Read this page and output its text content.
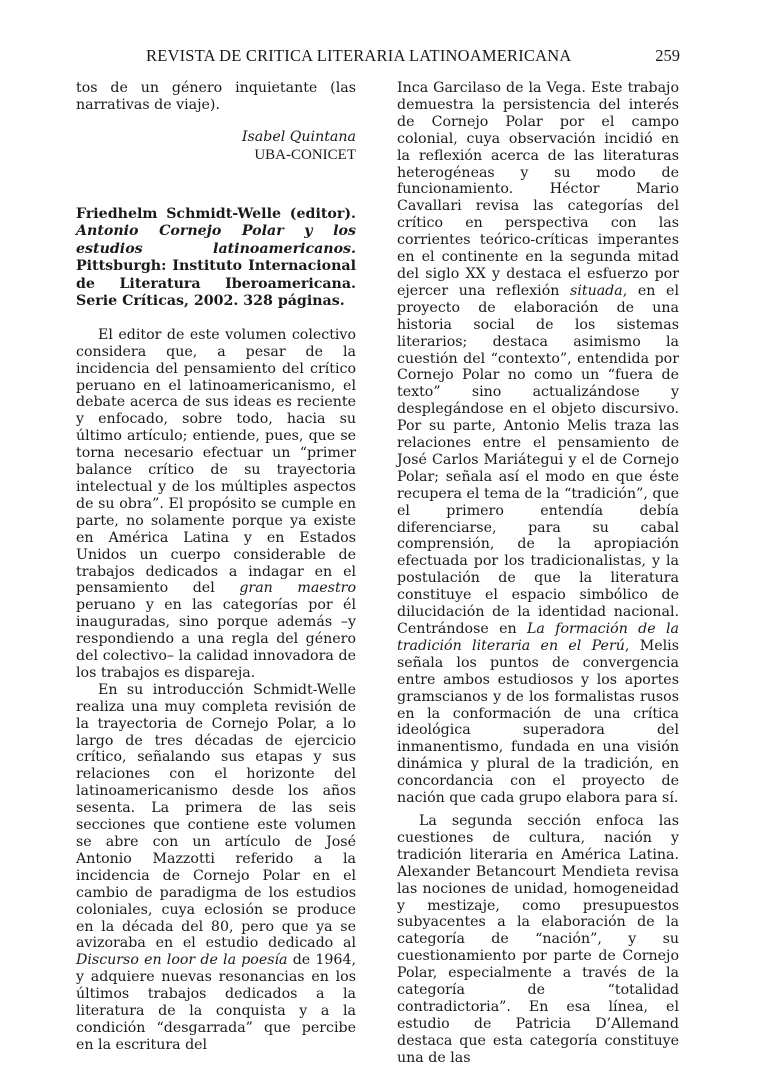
REVISTA DE CRITICA LITERARIA LATINOAMERICANA	259

tos de un género inquietante (las narrativas de viaje).

Isabel Quintana
UBA-CONICET
Friedhelm Schmidt-Welle (editor). Antonio Cornejo Polar y los estudios latinoamericanos. Pittsburgh: Instituto Internacional de Literatura Iberoamericana. Serie Críticas, 2002. 328 páginas.

El editor de este volumen colectivo considera que, a pesar de la incidencia del pensamiento del crítico peruano en el latinoamericanismo, el debate acerca de sus ideas es reciente y enfocado, sobre todo, hacia su último artículo; entiende, pues, que se torna necesario efectuar un “primer balance crítico de su trayectoria intelectual y de los múltiples aspectos de su obra”. El propósito se cumple en parte, no solamente porque ya existe en América Latina y en Estados Unidos un cuerpo considerable de trabajos dedicados a indagar en el pensamiento del gran maestro peruano y en las categorías por él inauguradas, sino porque además –y respondiendo a una regla del género del colectivo– la calidad innovadora de los trabajos es dispareja.

En su introducción Schmidt-Welle realiza una muy completa revisión de la trayectoria de Cornejo Polar, a lo largo de tres décadas de ejercicio crítico, señalando sus etapas y sus relaciones con el horizonte del latinoamericanismo desde los años sesenta. La primera de las seis secciones que contiene este volumen se abre con un artículo de José Antonio Mazzotti referido a la incidencia de Cornejo Polar en el cambio de paradigma de los estudios coloniales, cuya eclosión se produce en la década del 80, pero que ya se avizoraba en el estudio dedicado al Discurso en loor de la poesía de 1964, y adquiere nuevas resonancias en los últimos trabajos dedicados a la literatura de la conquista y a la condición “desgarrada” que percibe en la escritura del

Inca Garcilaso de la Vega. Este trabajo demuestra la persistencia del interés de Cornejo Polar por el campo colonial, cuya observación incidió en la reflexión acerca de las literaturas heterogéneas y su modo de funcionamiento. Héctor Mario Cavallari revisa las categorías del crítico en perspectiva con las corrientes teórico-críticas imperantes en el continente en la segunda mitad del siglo XX y destaca el esfuerzo por ejercer una reflexión situada, en el proyecto de elaboración de una historia social de los sistemas literarios; destaca asimismo la cuestión del “contexto”, entendida por Cornejo Polar no como un “fuera de texto” sino actualizándose y desplegándose en el objeto discursivo. Por su parte, Antonio Melis traza las relaciones entre el pensamiento de José Carlos Mariátegui y el de Cornejo Polar; señala así el modo en que éste recupera el tema de la “tradición”, que el primero entendía debía diferenciarse, para su cabal comprensión, de la apropiación efectuada por los tradicionalistas, y la postulación de que la literatura constituye el espacio simbólico de dilucidación de la identidad nacional. Centrándose en La formación de la tradición literaria en el Perú, Melis señala los puntos de convergencia entre ambos estudiosos y los aportes gramscianos y de los formalistas rusos en la conformación de una crítica ideológica superadora del inmanentismo, fundada en una visión dinámica y plural de la tradición, en concordancia con el proyecto de nación que cada grupo elabora para sí.

La segunda sección enfoca las cuestiones de cultura, nación y tradición literaria en América Latina. Alexander Betancourt Mendieta revisa las nociones de unidad, homogeneidad y mestizaje, como presupuestos subyacentes a la elaboración de la categoría de “nación”, y su cuestionamiento por parte de Cornejo Polar, especialmente a través de la categoría de “totalidad contradictoria”. En esa línea, el estudio de Patricia D’Allemand destaca que esta categoría constituye una de las
